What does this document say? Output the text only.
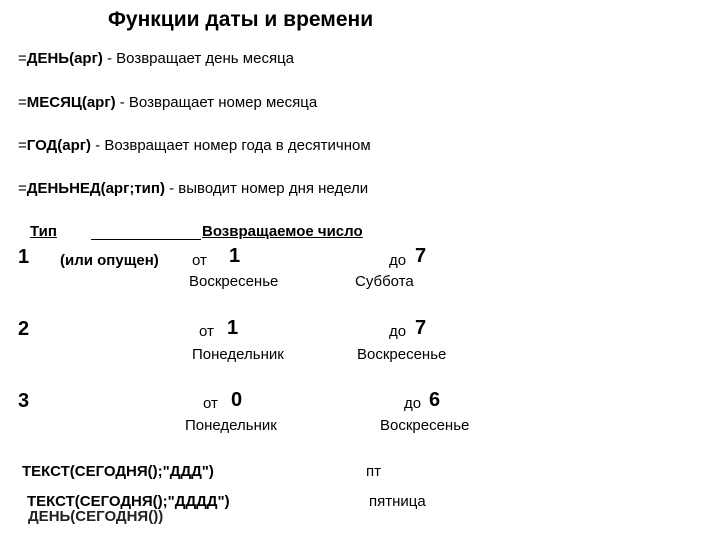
Функции даты и времени
=ДЕНЬ(арг) - Возвращает день месяца
=МЕСЯЦ(арг) - Возвращает номер месяца
=ГОД(арг) - Возвращает номер года в десятичном
=ДЕНЬНЕД(арг;тип) - выводит номер дня недели
Тип	Возвращаемое число
1 (или опущен) от 1	до 7
Воскресенье	Суббота
2	от 1	до 7
Понедельник	Воскресенье
3	от 0	до 6
Понедельник	Воскресенье
ТЕКСТ(СЕГОДНЯ();"ДДД")	пт
ДЕНЬ(СЕГОДНЯ())
ТЕКСТ(СЕГОДНЯ();"ДДДД")	пятница
